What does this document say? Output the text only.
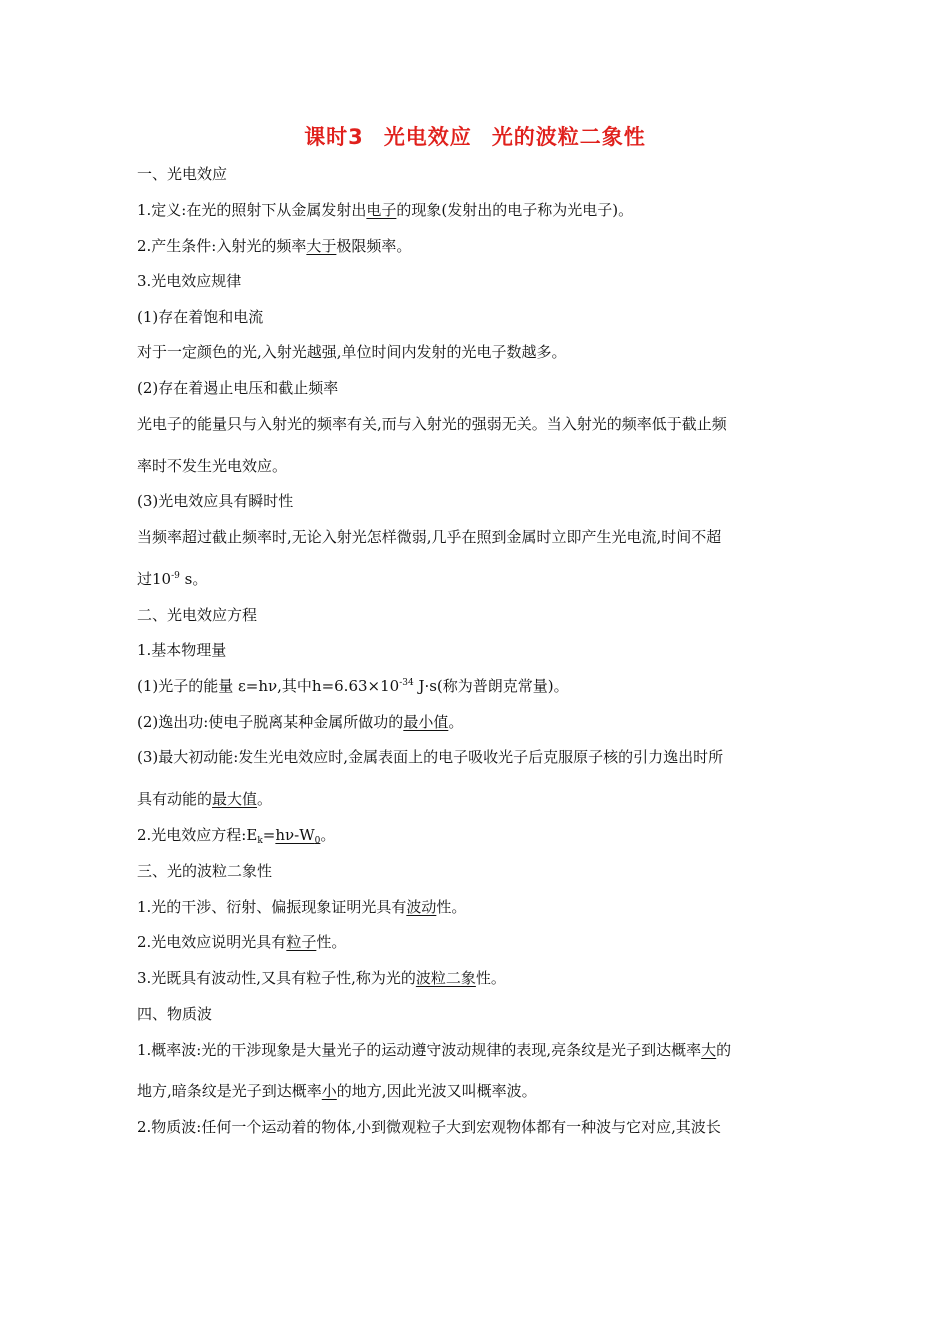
课时3 光电效应 光的波粒二象性
一、光电效应
1.定义:在光的照射下从金属发射出电子的现象(发射出的电子称为光电子)。
2.产生条件:入射光的频率大于极限频率。
3.光电效应规律
(1)存在着饱和电流
对于一定颜色的光,入射光越强,单位时间内发射的光电子数越多。
(2)存在着遏止电压和截止频率
光电子的能量只与入射光的频率有关,而与入射光的强弱无关。当入射光的频率低于截止频
率时不发生光电效应。
(3)光电效应具有瞬时性
当频率超过截止频率时,无论入射光怎样微弱,几乎在照到金属时立即产生光电流,时间不超
过$10^{-9}$ s。
二、光电效应方程
1.基本物理量
(1)光子的能量 ε=hν,其中$h=6.63\times 10^{-34}$ J·s(称为普朗克常量)。
(2)逸出功:使电子脱离某种金属所做功的最小值。
(3)最大初动能:发生光电效应时,金属表面上的电子吸收光子后克服原子核的引力逸出时所
具有动能的最大值。
2.光电效应方程$:E_k=h\nu-W_0$。
三、光的波粒二象性
1.光的干涉、衍射、偏振现象证明光具有波动性。
2.光电效应说明光具有粒子性。
3.光既具有波动性,又具有粒子性,称为光的波粒二象性。
四、物质波
1.概率波:光的干涉现象是大量光子的运动遵守波动规律的表现,亮条纹是光子到达概率大的
地方,暗条纹是光子到达概率小的地方,因此光波又叫概率波。
2.物质波:任何一个运动着的物体,小到微观粒子大到宏观物体都有一种波与它对应,其波长
